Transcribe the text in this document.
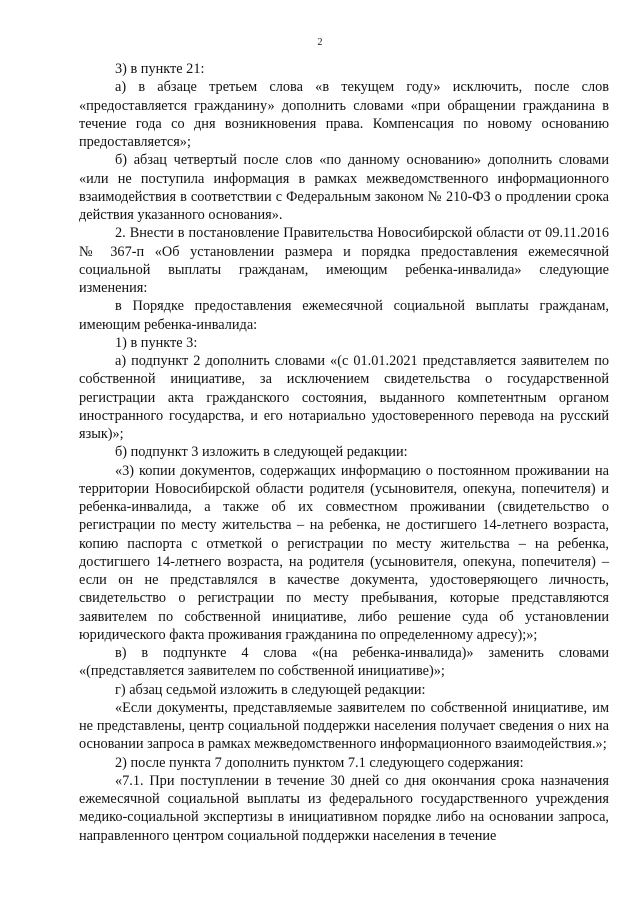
2

3) в пункте 21:

а) в абзаце третьем слова «в текущем году» исключить, после слов «предоставляется гражданину» дополнить словами «при обращении гражданина в течение года со дня возникновения права. Компенсация по новому основанию предоставляется»;

б) абзац четвертый после слов «по данному основанию» дополнить словами «или не поступила информация в рамках межведомственного информационного взаимодействия в соответствии с Федеральным законом № 210-ФЗ о продлении срока действия указанного основания».

2. Внести в постановление Правительства Новосибирской области от 09.11.2016 № 367-п «Об установлении размера и порядка предоставления ежемесячной социальной выплаты гражданам, имеющим ребенка-инвалида» следующие изменения:

в Порядке предоставления ежемесячной социальной выплаты гражданам, имеющим ребенка-инвалида:

1) в пункте 3:

а) подпункт 2 дополнить словами «(с 01.01.2021 представляется заявителем по собственной инициативе, за исключением свидетельства о государственной регистрации акта гражданского состояния, выданного компетентным органом иностранного государства, и его нотариально удостоверенного перевода на русский язык)»;

б) подпункт 3 изложить в следующей редакции:

«3) копии документов, содержащих информацию о постоянном проживании на территории Новосибирской области родителя (усыновителя, опекуна, попечителя) и ребенка-инвалида, а также об их совместном проживании (свидетельство о регистрации по месту жительства – на ребенка, не достигшего 14-летнего возраста, копию паспорта с отметкой о регистрации по месту жительства – на ребенка, достигшего 14-летнего возраста, на родителя (усыновителя, опекуна, попечителя) – если он не представлялся в качестве документа, удостоверяющего личность, свидетельство о регистрации по месту пребывания, которые представляются заявителем по собственной инициативе, либо решение суда об установлении юридического факта проживания гражданина по определенному адресу);»;

в) в подпункте 4 слова «(на ребенка-инвалида)» заменить словами «(представляется заявителем по собственной инициативе)»;

г) абзац седьмой изложить в следующей редакции:

«Если документы, представляемые заявителем по собственной инициативе, им не представлены, центр социальной поддержки населения получает сведения о них на основании запроса в рамках межведомственного информационного взаимодействия.»;

2) после пункта 7 дополнить пунктом 7.1 следующего содержания:

«7.1. При поступлении в течение 30 дней со дня окончания срока назначения ежемесячной социальной выплаты из федерального государственного учреждения медико-социальной экспертизы в инициативном порядке либо на основании запроса, направленного центром социальной поддержки населения в течение
